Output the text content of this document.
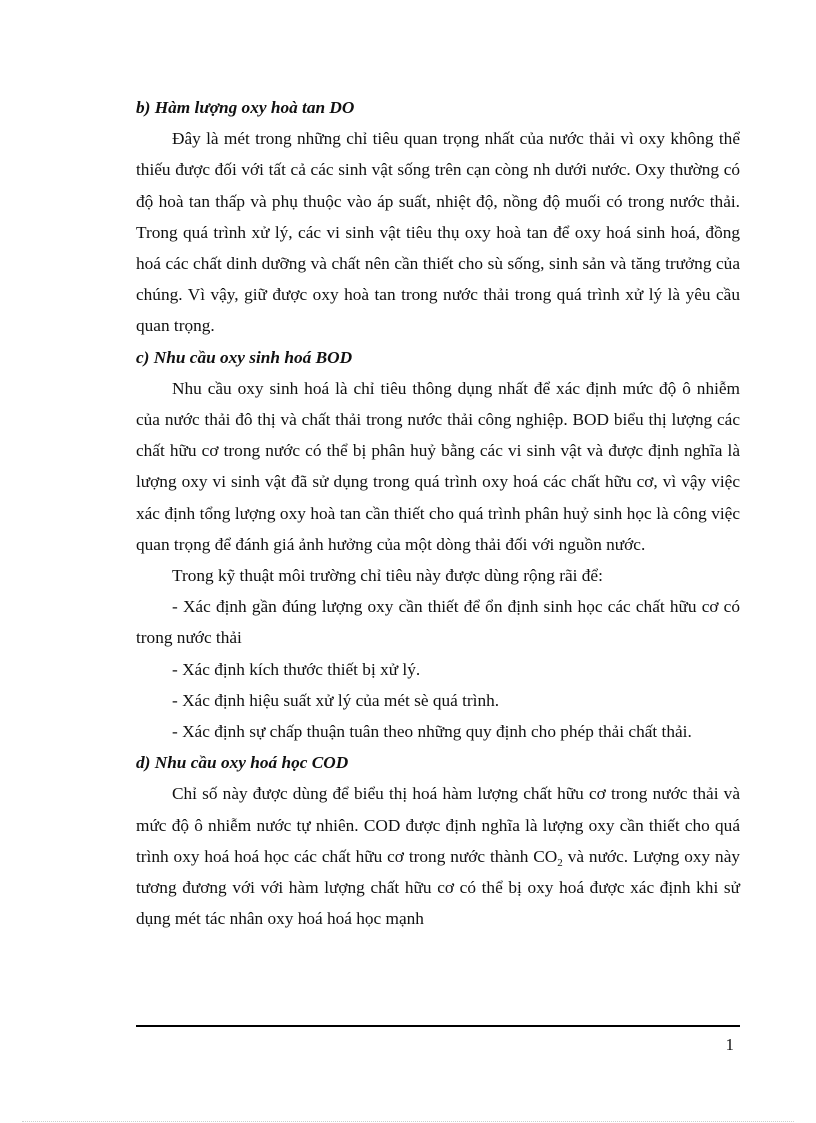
b) Hàm lượng oxy hoà tan DO

Đây là mét trong những chỉ tiêu quan trọng nhất của nước thải vì oxy không thể thiếu được đối với tất cả các sinh vật sống trên cạn còng nh dưới nước. Oxy thường có độ hoà tan thấp và phụ thuộc vào áp suất, nhiệt độ, nồng độ muối có trong nước thải. Trong quá trình xử lý, các vi sinh vật tiêu thụ oxy hoà tan để oxy hoá sinh hoá, đồng hoá các chất dinh dưỡng và chất nên cần thiết cho sù sống, sinh sản và tăng trưởng của chúng. Vì vậy, giữ được oxy hoà tan trong nước thải trong quá trình xử lý là yêu cầu quan trọng.

c) Nhu cầu oxy sinh hoá BOD

Nhu cầu oxy sinh hoá là chỉ tiêu thông dụng nhất để xác định mức độ ô nhiễm của nước thải đô thị và chất thải trong nước thải công nghiệp. BOD biểu thị lượng các chất hữu cơ trong nước có thể bị phân huỷ bằng các vi sinh vật và được định nghĩa là lượng oxy vi sinh vật đã sử dụng trong quá trình oxy hoá các chất hữu cơ, vì vậy việc xác định tổng lượng oxy hoà tan cần thiết cho quá trình phân huỷ sinh học là công việc quan trọng để đánh giá ảnh hưởng của một dòng thải đối với nguồn nước.

Trong kỹ thuật môi trường chỉ tiêu này được dùng rộng rãi để:

- Xác định gần đúng lượng oxy cần thiết để ổn định sinh học các chất hữu cơ có trong nước thải

- Xác định kích thước thiết bị xử lý.

- Xác định hiệu suất xử lý của mét sè quá trình.

- Xác định sự chấp thuận tuân theo những quy định cho phép thải chất thải.

d) Nhu cầu oxy hoá học COD

Chỉ số này được dùng để biểu thị hoá hàm lượng chất hữu cơ trong nước thải và mức độ ô nhiễm nước tự nhiên. COD được định nghĩa là lượng oxy cần thiết cho quá trình oxy hoá hoá học các chất hữu cơ trong nước thành $CO_2$ và nước. Lượng oxy này tương đương với với hàm lượng chất hữu cơ có thể bị oxy hoá được xác định khi sử dụng mét tác nhân oxy hoá hoá học mạnh

1
